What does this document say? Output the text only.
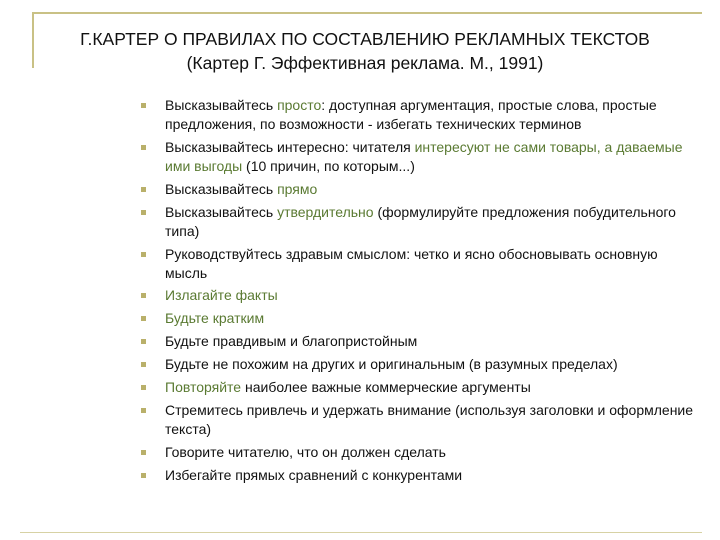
Г.КАРТЕР О ПРАВИЛАХ ПО СОСТАВЛЕНИЮ РЕКЛАМНЫХ ТЕКСТОВ
(Картер Г. Эффективная реклама. М., 1991)
Высказывайтесь просто: доступная аргументация, простые слова, простые предложения, по возможности - избегать технических терминов
Высказывайтесь интересно: читателя интересуют не сами товары, а даваемые ими выгоды (10 причин, по которым...)
Высказывайтесь прямо
Высказывайтесь утвердительно (формулируйте предложения побудительного типа)
Руководствуйтесь здравым смыслом: четко и ясно обосновывать основную мысль
Излагайте факты
Будьте кратким
Будьте правдивым и благопристойным
Будьте не похожим на других и оригинальным (в разумных пределах)
Повторяйте наиболее важные коммерческие аргументы
Стремитесь привлечь и удержать внимание (используя заголовки и оформление текста)
Говорите читателю, что он должен сделать
Избегайте прямых сравнений с конкурентами
